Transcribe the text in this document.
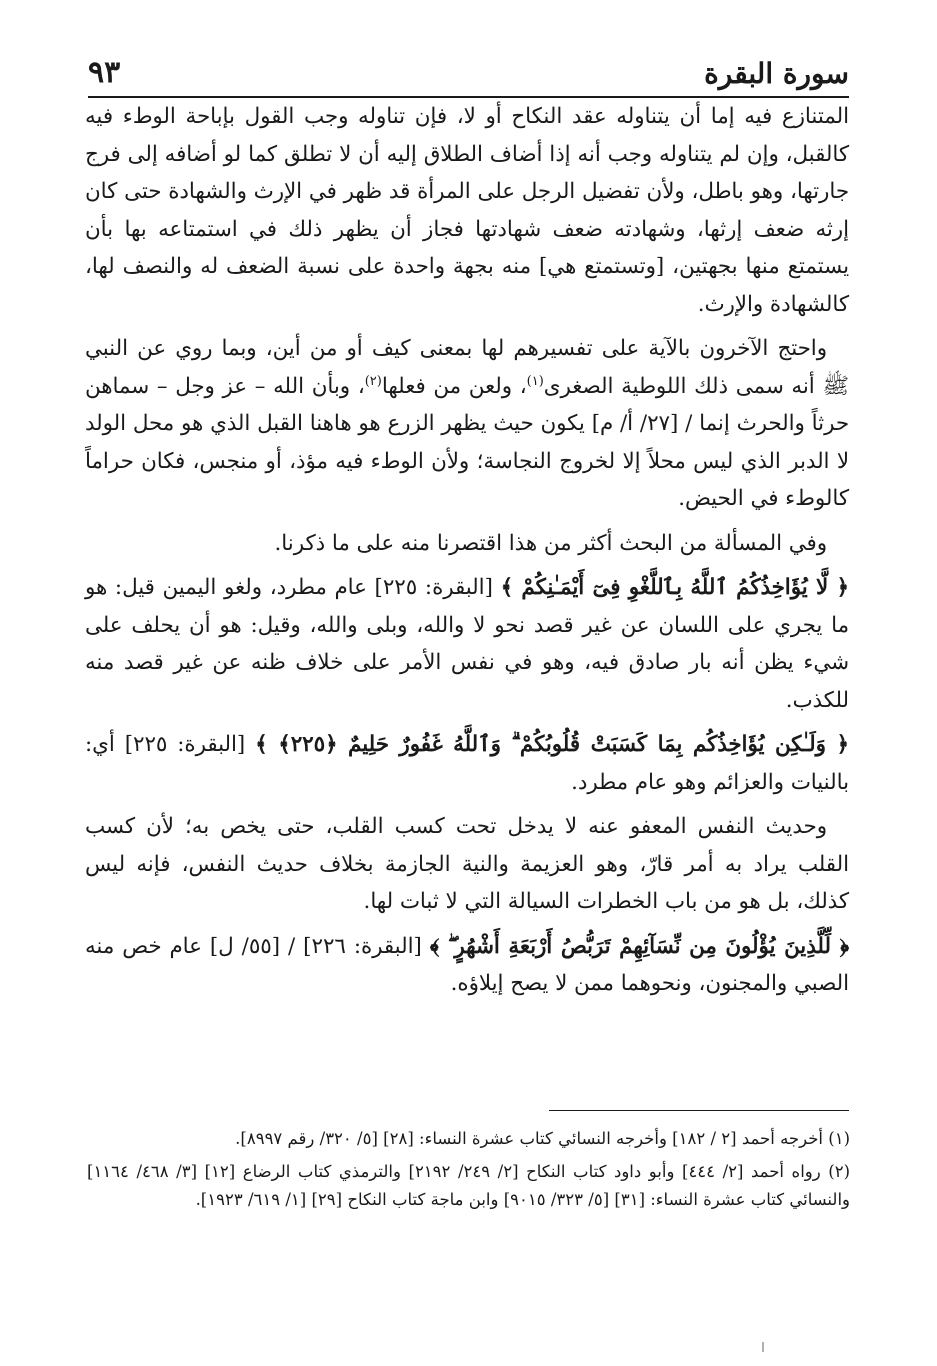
سورة البقرة
٩٣

المتنازع فيه إما أن يتناوله عقد النكاح أو لا، فإن تناوله وجب القول بإباحة الوطء فيه كالقبل، وإن لم يتناوله وجب أنه إذا أضاف الطلاق إليه أن لا تطلق كما لو أضافه إلى فرج جارتها، وهو باطل، ولأن تفضيل الرجل على المرأة قد ظهر في الإرث والشهادة حتى كان إرثه ضعف إرثها، وشهادته ضعف شهادتها فجاز أن يظهر ذلك في استمتاعه بها بأن يستمتع منها بجهتين، [وتستمتع هي] منه بجهة واحدة على نسبة الضعف له والنصف لها، كالشهادة والإرث.

واحتج الآخرون بالآية على تفسيرهم لها بمعنى كيف أو من أين، وبما روي عن النبي ﷺ أنه سمى ذلك اللوطية الصغرى$^{(١)}$، ولعن من فعلها$^{(٢)}$، وبأن الله – عز وجل – سماهن حرثاً والحرث إنما / [٢٧/ أ/ م] يكون حيث يظهر الزرع هو هاهنا القبل الذي هو محل الولد لا الدبر الذي ليس محلاً إلا لخروج النجاسة؛ ولأن الوطء فيه مؤذ، أو منجس، فكان حراماً كالوطء في الحيض.

وفي المسألة من البحث أكثر من هذا اقتصرنا منه على ما ذكرنا.

﴿ لَّا يُؤَاخِذُكُمُ ٱللَّهُ بِٱللَّغْوِ فِىٓ أَيْمَـٰنِكُمْ ﴾ [البقرة: ٢٢٥] عام مطرد، ولغو اليمين قيل: هو ما يجري على اللسان عن غير قصد نحو لا والله، وبلى والله، وقيل: هو أن يحلف على شيء يظن أنه بار صادق فيه، وهو في نفس الأمر على خلاف ظنه عن غير قصد منه للكذب.

﴿ وَلَـٰكِن يُؤَاخِذُكُم بِمَا كَسَبَتْ قُلُوبُكُمْ ۗ وَٱللَّهُ غَفُورٌ حَلِيمٌ ﴿٢٢٥﴾ ﴾ [البقرة: ٢٢٥] أي: بالنيات والعزائم وهو عام مطرد.

وحديث النفس المعفو عنه لا يدخل تحت كسب القلب، حتى يخص به؛ لأن كسب القلب يراد به أمر قارّ، وهو العزيمة والنية الجازمة بخلاف حديث النفس، فإنه ليس كذلك، بل هو من باب الخطرات السيالة التي لا ثبات لها.

﴿ لِّلَّذِينَ يُؤْلُونَ مِن نِّسَآئِهِمْ تَرَبُّصُ أَرْبَعَةِ أَشْهُرٍ ۖ ﴾ [البقرة: ٢٢٦] / [٥٥/ ل] عام خص منه الصبي والمجنون، ونحوهما ممن لا يصح إيلاؤه.

(١) أخرجه أحمد [٢ / ١٨٢] وأخرجه النسائي كتاب عشرة النساء: [٢٨] [٥/ ٣٢٠/ رقم ٨٩٩٧].

(٢) رواه أحمد [٢/ ٤٤٤] وأبو داود كتاب النكاح [٢/ ٢٤٩/ ٢١٩٢] والترمذي كتاب الرضاع [١٢] [٣/ ٤٦٨/ ١١٦٤] والنسائي كتاب عشرة النساء: [٣١] [٥/ ٣٢٣/ ٩٠١٥] وابن ماجة كتاب النكاح [٢٩] [١/ ٦١٩/ ١٩٢٣].
